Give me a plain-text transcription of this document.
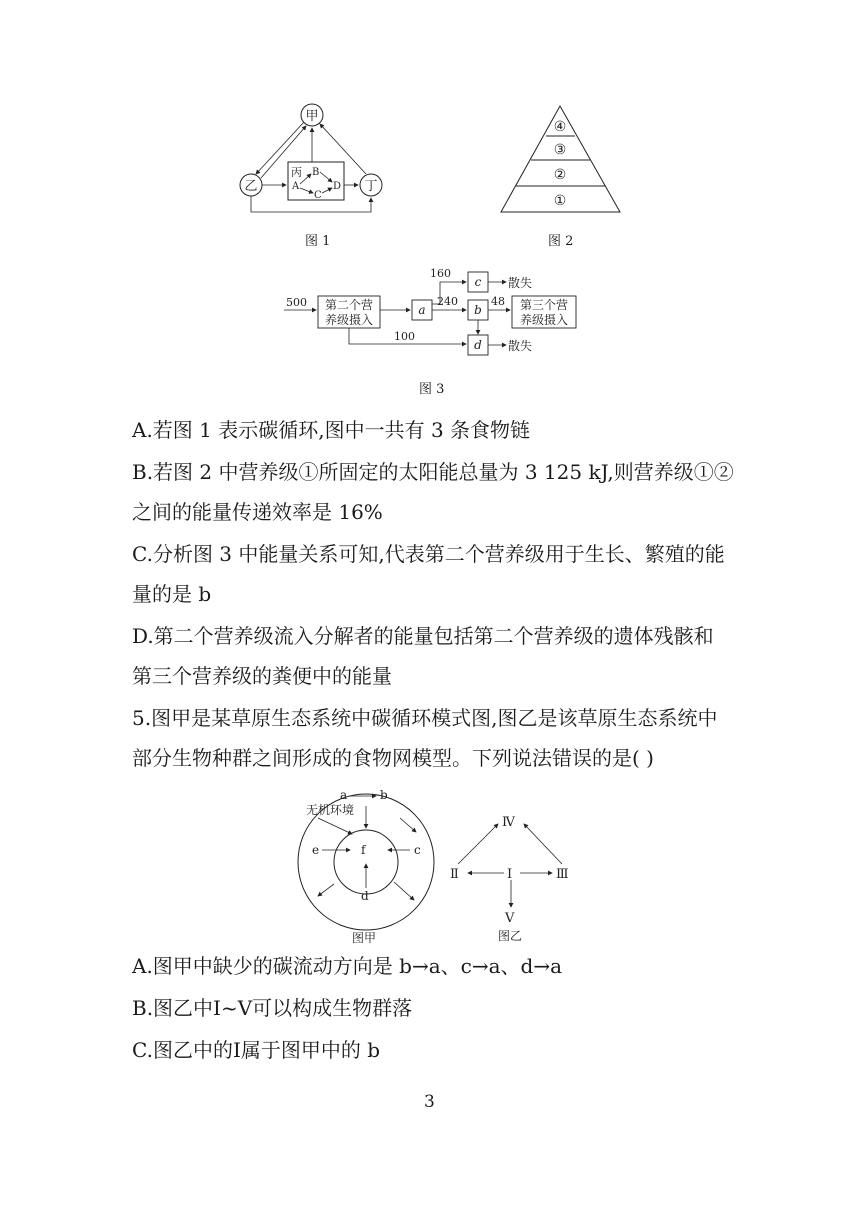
甲
乙	丁
丙 B
A
C
D
图 1
①
②
③
④
图 2
500 第二个营
养级摄入
a
160
c 散失
240
b
48 第三个营
养级摄入
100
d 散失
图 3
A.若图 1 表示碳循环,图中一共有 3 条食物链
B.若图 2 中营养级①所固定的太阳能总量为 3 125 kJ,则营养级①②
之间的能量传递效率是 16%
C.分析图 3 中能量关系可知,代表第二个营养级用于生长、繁殖的能
量的是 b
D.第二个营养级流入分解者的能量包括第二个营养级的遗体残骸和
第三个营养级的粪便中的能量
5.图甲是某草原生态系统中碳循环模式图,图乙是该草原生态系统中
部分生物种群之间形成的食物网模型。下列说法错误的是( )
a	b
无机环境
e	c
f
d
图甲
Ⅳ
Ⅰ
Ⅱ	Ⅲ
Ⅴ
图乙
A.图甲中缺少的碳流动方向是 b→a、c→a、d→a
B.图乙中Ⅰ~Ⅴ可以构成生物群落
C.图乙中的Ⅰ属于图甲中的 b
3
